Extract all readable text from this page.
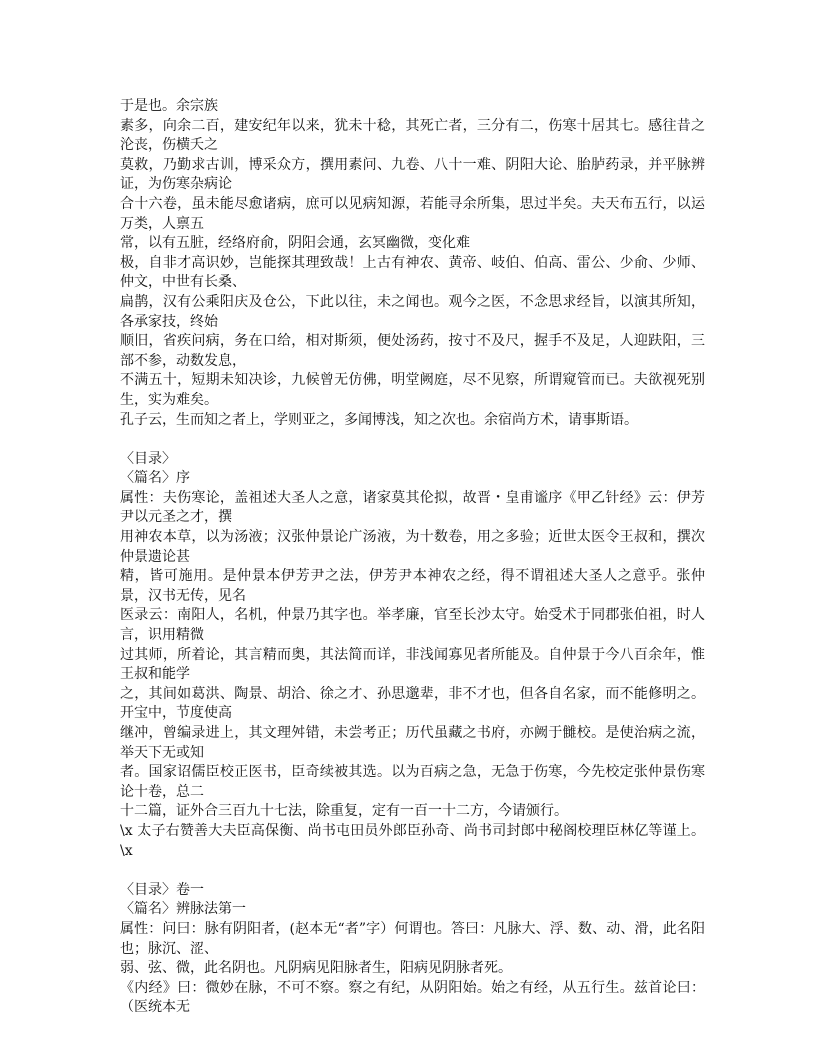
于是也。余宗族
素多，向余二百，建安纪年以来，犹未十稔，其死亡者，三分有二，伤寒十居其七。感往昔之沦丧，伤横夭之
莫救，乃勤求古训，博采众方，撰用素问、九卷、八十一难、阴阳大论、胎胪药录，并平脉辨证，为伤寒杂病论
合十六卷，虽未能尽愈诸病，庶可以见病知源，若能寻余所集，思过半矣。夫天布五行，以运万类，人禀五
常，以有五脏，经络府俞，阴阳会通，玄冥幽微，变化难
极，自非才高识妙，岂能探其理致哉！上古有神农、黄帝、岐伯、伯高、雷公、少俞、少师、仲文，中世有长桑、
扁鹊，汉有公乘阳庆及仓公，下此以往，未之闻也。观今之医，不念思求经旨，以演其所知，各承家技，终始
顺旧，省疾问病，务在口给，相对斯须，便处汤药，按寸不及尺，握手不及足，人迎趺阳，三部不参，动数发息，
不满五十，短期未知决诊，九候曾无仿佛，明堂阙庭，尽不见察，所谓窥管而已。夫欲视死别生，实为难矣。
孔子云，生而知之者上，学则亚之，多闻博浅，知之次也。余宿尚方术，请事斯语。
〈目录〉
〈篇名〉序
属性：夫伤寒论，盖祖述大圣人之意，诸家莫其伦拟，故晋・皇甫谧序《甲乙针经》云：伊芳尹以元圣之才，撰
用神农本草，以为汤液；汉张仲景论广汤液，为十数卷，用之多验；近世太医令王叔和，撰次仲景遗论甚
精，皆可施用。是仲景本伊芳尹之法，伊芳尹本神农之经，得不谓祖述大圣人之意乎。张仲景，汉书无传，见名
医录云：南阳人，名机，仲景乃其字也。举孝廉，官至长沙太守。始受术于同郡张伯祖，时人言，识用精微
过其师，所着论，其言精而奥，其法简而详，非浅闻寡见者所能及。自仲景于今八百余年，惟王叔和能学
之，其间如葛洪、陶景、胡洽、徐之才、孙思邈辈，非不才也，但各自名家，而不能修明之。开宝中，节度使高
继冲，曾编录进上，其文理舛错，未尝考正；历代虽藏之书府，亦阙于雠校。是使治病之流，举天下无或知
者。国家诏儒臣校正医书，臣奇续被其选。以为百病之急，无急于伤寒，今先校定张仲景伤寒论十卷，总二
十二篇，证外合三百九十七法，除重复，定有一百一十二方，今请颁行。
\x 太子右赞善大夫臣高保衡、尚书屯田员外郎臣孙奇、尚书司封郎中秘阁校理臣林亿等谨上。\x
〈目录〉卷一
〈篇名〉辨脉法第一
属性：问曰：脉有阴阳者，(赵本无“者”字）何谓也。答曰：凡脉大、浮、数、动、滑，此名阳也；脉沉、涩、
弱、弦、微，此名阴也。凡阴病见阳脉者生，阳病见阴脉者死。
《内经》曰：微妙在脉，不可不察。察之有纪，从阴阳始。始之有经，从五行生。兹首论曰：（医统本无
